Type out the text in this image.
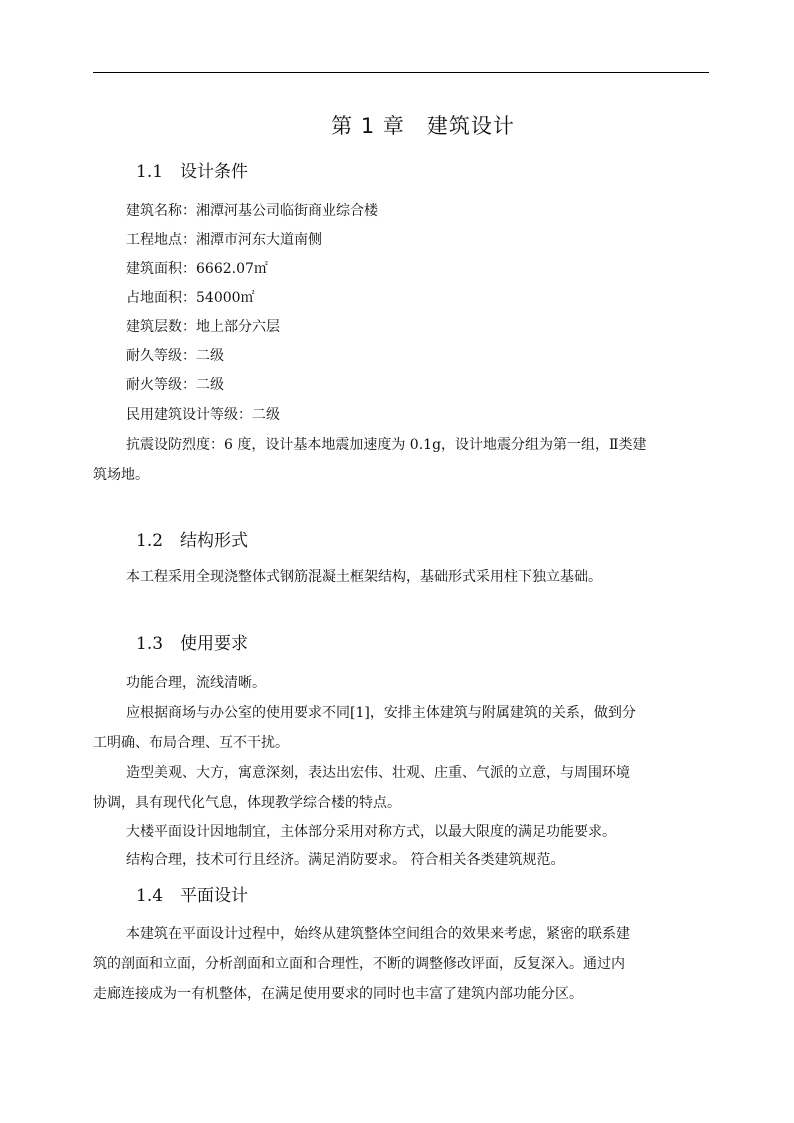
第 1 章 建筑设计
1.1 设计条件
建筑名称：湘潭河基公司临街商业综合楼
工程地点：湘潭市河东大道南侧
建筑面积：6662.07㎡
占地面积：54000㎡
建筑层数：地上部分六层
耐久等级：二级
耐火等级：二级
民用建筑设计等级：二级
抗震设防烈度：6 度，设计基本地震加速度为 0.1g，设计地震分组为第一组，Ⅱ类建
筑场地。
1.2 结构形式
本工程采用全现浇整体式钢筋混凝土框架结构，基础形式采用柱下独立基础。
1.3 使用要求
功能合理，流线清晰。
应根据商场与办公室的使用要求不同[1]，安排主体建筑与附属建筑的关系，做到分
工明确、布局合理、互不干扰。
造型美观、大方，寓意深刻，表达出宏伟、壮观、庄重、气派的立意，与周围环境
协调，具有现代化气息，体现教学综合楼的特点。
大楼平面设计因地制宜，主体部分采用对称方式，以最大限度的满足功能要求。
结构合理，技术可行且经济。满足消防要求。 符合相关各类建筑规范。
1.4 平面设计
本建筑在平面设计过程中，始终从建筑整体空间组合的效果来考虑，紧密的联系建
筑的剖面和立面，分析剖面和立面和合理性，不断的调整修改评面，反复深入。通过内
走廊连接成为一有机整体，在满足使用要求的同时也丰富了建筑内部功能分区。
